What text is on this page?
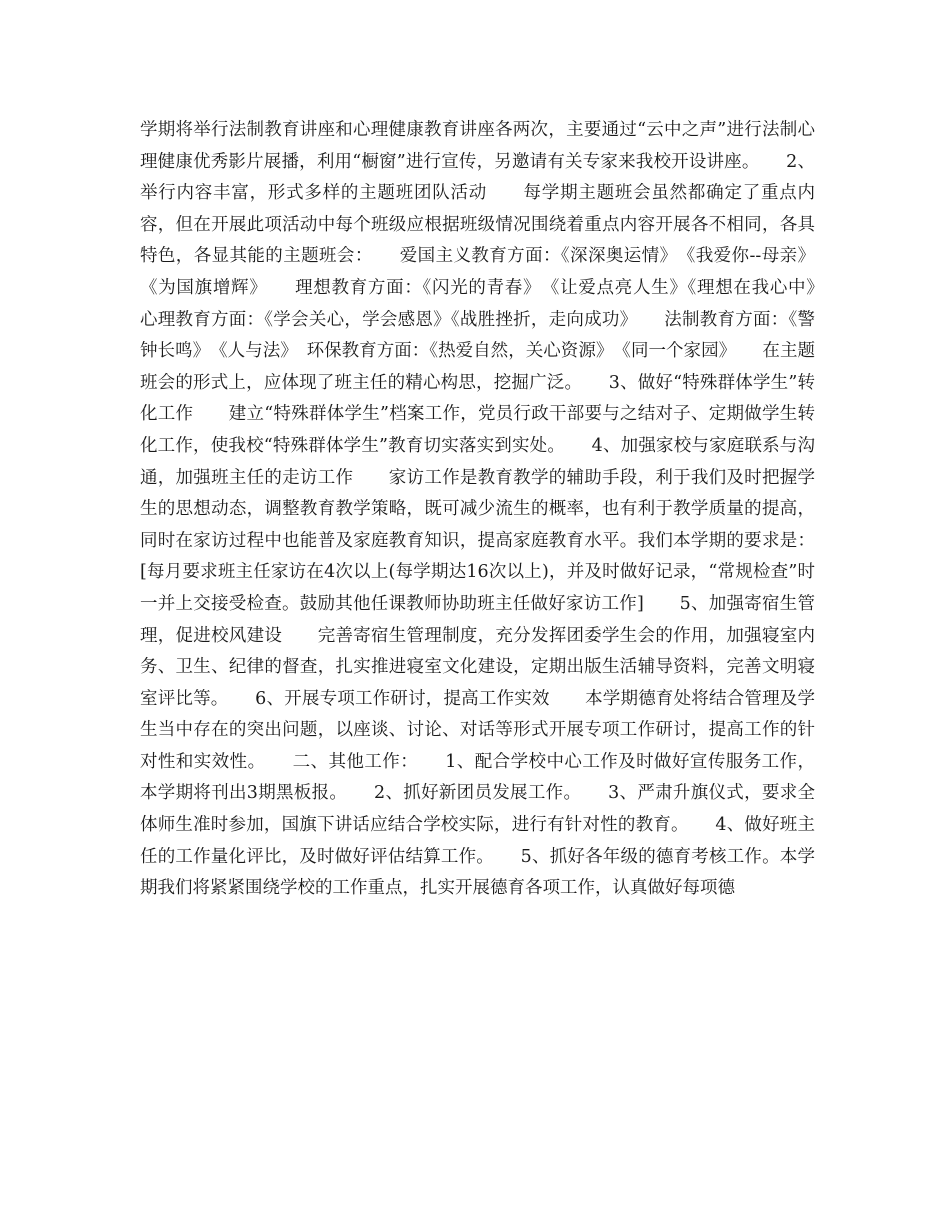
学期将举行法制教育讲座和心理健康教育讲座各两次，主要通过“云中之声”进行法制心理健康优秀影片展播，利用“橱窗”进行宣传，另邀请有关专家来我校开设讲座。　　2、举行内容丰富，形式多样的主题班团队活动　　每学期主题班会虽然都确定了重点内容，但在开展此项活动中每个班级应根据班级情况围绕着重点内容开展各不相同，各具特色，各显其能的主题班会：　　爱国主义教育方面：《深深奥运情》　《我爱你--母亲》《为国旗增辉》　　理想教育方面：《闪光的青春》　《让爱点亮人生》《理想在我心中》　　心理教育方面：《学会关心，学会感恩》《战胜挫折，走向成功》　　法制教育方面：《警钟长鸣》　《人与法》　环保教育方面：《热爱自然，关心资源》　《同一个家园》　　在主题班会的形式上，应体现了班主任的精心构思，挖掘广泛。　　3、做好“特殊群体学生”转化工作　　建立“特殊群体学生”档案工作，党员行政干部要与之结对子、定期做学生转化工作，使我校“特殊群体学生”教育切实落实到实处。　　4、加强家校与家庭联系与沟通，加强班主任的走访工作　　家访工作是教育教学的辅助手段，利于我们及时把握学生的思想动态，调整教育教学策略，既可减少流生的概率，也有利于教学质量的提高，同时在家访过程中也能普及家庭教育知识，提高家庭教育水平。我们本学期的要求是：[每月要求班主任家访在4次以上(每学期达16次以上)，并及时做好记录，“常规检查”时一并上交接受检查。鼓励其他任课教师协助班主任做好家访工作]　　5、加强寄宿生管理，促进校风建设　　完善寄宿生管理制度，充分发挥团委学生会的作用，加强寝室内务、卫生、纪律的督查，扎实推进寝室文化建设，定期出版生活辅导资料，完善文明寝室评比等。　　6、开展专项工作研讨，提高工作实效　　本学期德育处将结合管理及学生当中存在的突出问题，以座谈、讨论、对话等形式开展专项工作研讨，提高工作的针对性和实效性。　　二、其他工作：　　1、配合学校中心工作及时做好宣传服务工作，本学期将刊出3期黑板报。　　2、抓好新团员发展工作。　　3、严肃升旗仪式，要求全体师生准时参加，国旗下讲话应结合学校实际，进行有针对性的教育。　　4、做好班主任的工作量化评比，及时做好评估结算工作。　　5、抓好各年级的德育考核工作。本学期我们将紧紧围绕学校的工作重点，扎实开展德育各项工作，认真做好每项德
